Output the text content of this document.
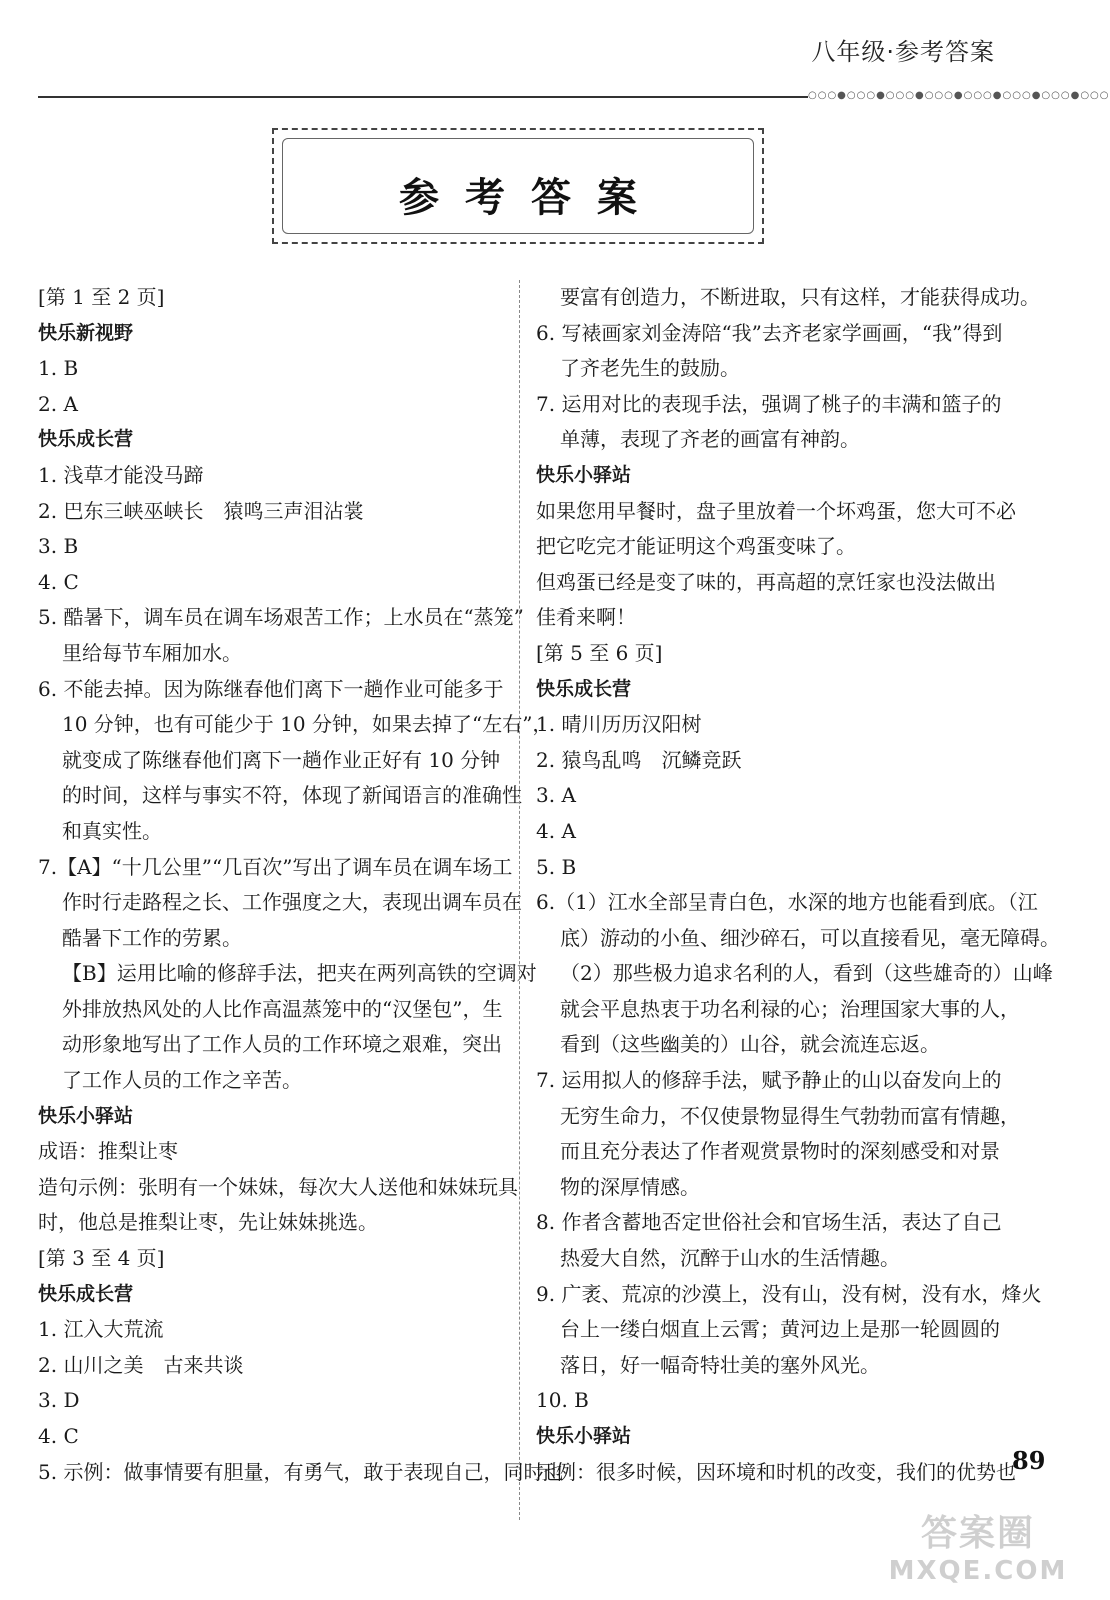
八年级·参考答案
○○○●○○○●○○○●○○○●○○○●○○○●○○○●○○○
参考答案
[第 1 至 2 页]
快乐新视野
1. B
2. A
快乐成长营
1. 浅草才能没马蹄
2. 巴东三峡巫峡长　猿鸣三声泪沾裳
3. B
4. C
5. 酷暑下，调车员在调车场艰苦工作；上水员在“蒸笼”
里给每节车厢加水。
6. 不能去掉。因为陈继春他们离下一趟作业可能多于
10 分钟，也有可能少于 10 分钟，如果去掉了“左右”，
就变成了陈继春他们离下一趟作业正好有 10 分钟
的时间，这样与事实不符，体现了新闻语言的准确性
和真实性。
7.【A】“十几公里”“几百次”写出了调车员在调车场工
作时行走路程之长、工作强度之大，表现出调车员在
酷暑下工作的劳累。
【B】运用比喻的修辞手法，把夹在两列高铁的空调对
外排放热风处的人比作高温蒸笼中的“汉堡包”，生
动形象地写出了工作人员的工作环境之艰难，突出
了工作人员的工作之辛苦。
快乐小驿站
成语：推梨让枣
造句示例：张明有一个妹妹，每次大人送他和妹妹玩具
时，他总是推梨让枣，先让妹妹挑选。
[第 3 至 4 页]
快乐成长营
1. 江入大荒流
2. 山川之美　古来共谈
3. D
4. C
5. 示例：做事情要有胆量，有勇气，敢于表现自己，同时也
要富有创造力，不断进取，只有这样，才能获得成功。
6. 写裱画家刘金涛陪“我”去齐老家学画画，“我”得到
了齐老先生的鼓励。
7. 运用对比的表现手法，强调了桃子的丰满和篮子的
单薄，表现了齐老的画富有神韵。
快乐小驿站
如果您用早餐时，盘子里放着一个坏鸡蛋，您大可不必
把它吃完才能证明这个鸡蛋变味了。
但鸡蛋已经是变了味的，再高超的烹饪家也没法做出
佳肴来啊！
[第 5 至 6 页]
快乐成长营
1. 晴川历历汉阳树
2. 猿鸟乱鸣　沉鳞竞跃
3. A
4. A
5. B
6.（1）江水全部呈青白色，水深的地方也能看到底。（江
底）游动的小鱼、细沙碎石，可以直接看见，毫无障碍。
（2）那些极力追求名利的人，看到（这些雄奇的）山峰
就会平息热衷于功名利禄的心；治理国家大事的人，
看到（这些幽美的）山谷，就会流连忘返。
7. 运用拟人的修辞手法，赋予静止的山以奋发向上的
无穷生命力，不仅使景物显得生气勃勃而富有情趣，
而且充分表达了作者观赏景物时的深刻感受和对景
物的深厚情感。
8. 作者含蓄地否定世俗社会和官场生活，表达了自己
热爱大自然，沉醉于山水的生活情趣。
9. 广袤、荒凉的沙漠上，没有山，没有树，没有水，烽火
台上一缕白烟直上云霄；黄河边上是那一轮圆圆的
落日，好一幅奇特壮美的塞外风光。
10. B
快乐小驿站
示例：很多时候，因环境和时机的改变，我们的优势也
89
答案圈
MXQE.COM
